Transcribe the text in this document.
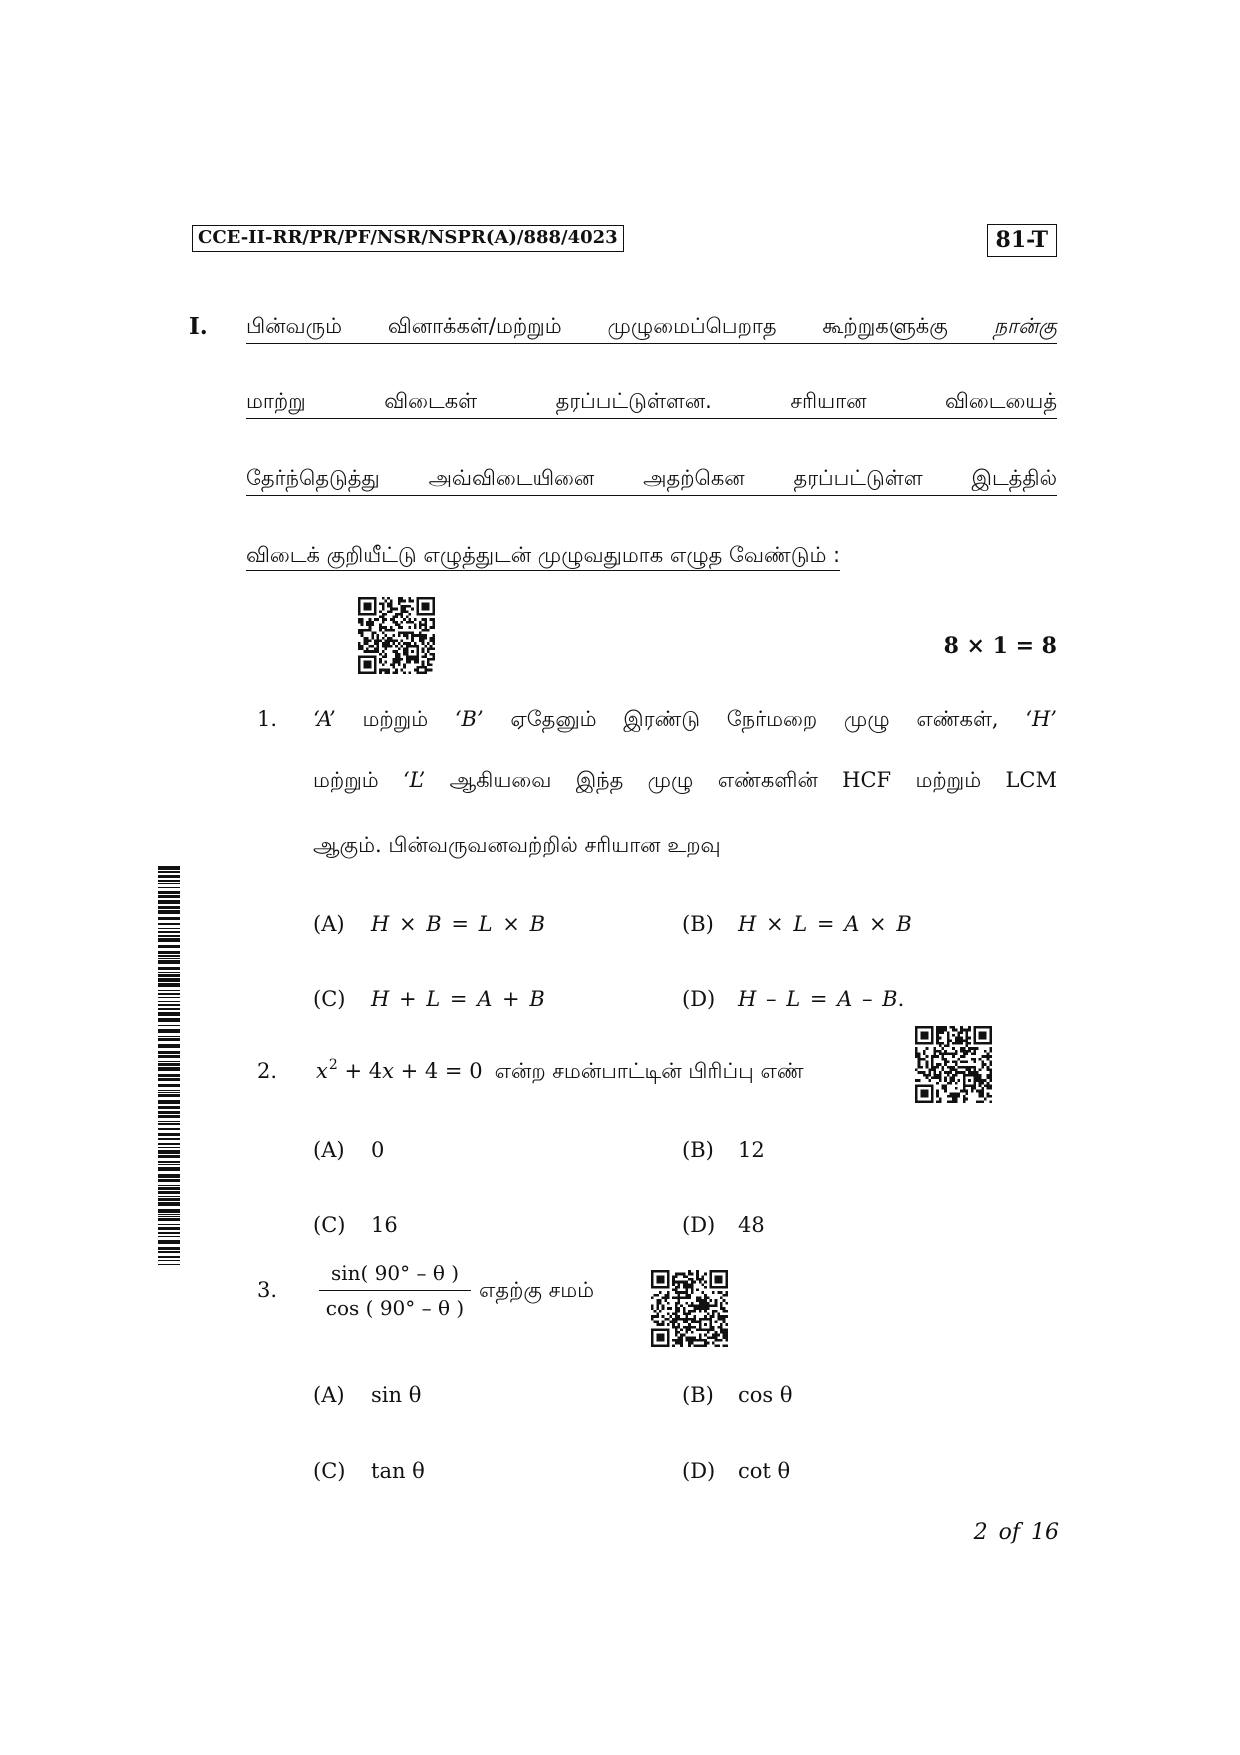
CCE-II-RR/PR/PF/NSR/NSPR(A)/888/4023	81-T
I. பின்வரும் வினாக்கள்/மற்றும் முழுமைப்பெறாத கூற்றுகளுக்கு நான்கு
மாற்று விடைகள் தரப்பட்டுள்ளன. சரியான விடையைத்
தேர்ந்தெடுத்து அவ்விடையினை அதற்கென தரப்பட்டுள்ள இடத்தில்
விடைக் குறியீட்டு எழுத்துடன் முழுவதுமாக எழுத வேண்டும் :
8 × 1 = 8
1. ‘A’ மற்றும் ‘B’ ஏதேனும் இரண்டு நேர்மறை முழு எண்கள், ‘H’
மற்றும் ‘L’ ஆகியவை இந்த முழு எண்களின் HCF மற்றும் LCM
ஆகும். பின்வருவனவற்றில் சரியான உறவு
(A) H × B = L × B	(B) H × L = A × B
(C) H + L = A + B	(D) H – L = A – B.
2. $x^2 + 4x + 4 = 0$ என்ற சமன்பாட்டின் பிரிப்பு எண்
(A) 0	(B) 12
(C) 16	(D) 48
3. $\frac{\sin( 90^\circ - \theta )}{\cos ( 90^\circ - \theta )}$ எதற்கு சமம்
(A) sin θ	(B) cos θ
(C) tan θ	(D) cot θ
2 of 16
